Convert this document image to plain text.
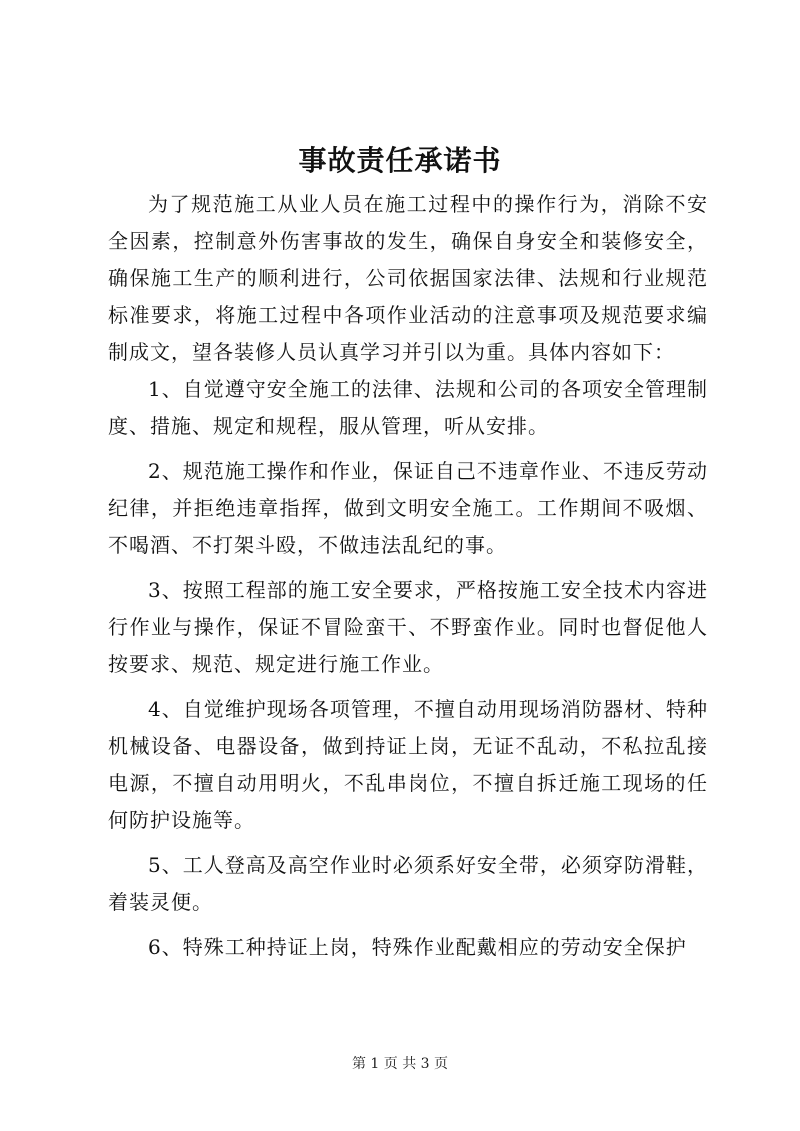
事故责任承诺书

为了规范施工从业人员在施工过程中的操作行为，消除不安全因素，控制意外伤害事故的发生，确保自身安全和装修安全，确保施工生产的顺利进行，公司依据国家法律、法规和行业规范标准要求，将施工过程中各项作业活动的注意事项及规范要求编制成文，望各装修人员认真学习并引以为重。具体内容如下：

1、自觉遵守安全施工的法律、法规和公司的各项安全管理制度、措施、规定和规程，服从管理，听从安排。

2、规范施工操作和作业，保证自己不违章作业、不违反劳动纪律，并拒绝违章指挥，做到文明安全施工。工作期间不吸烟、不喝酒、不打架斗殴，不做违法乱纪的事。

3、按照工程部的施工安全要求，严格按施工安全技术内容进行作业与操作，保证不冒险蛮干、不野蛮作业。同时也督促他人按要求、规范、规定进行施工作业。

4、自觉维护现场各项管理，不擅自动用现场消防器材、特种机械设备、电器设备，做到持证上岗，无证不乱动，不私拉乱接电源，不擅自动用明火，不乱串岗位，不擅自拆迁施工现场的任何防护设施等。

5、工人登高及高空作业时必须系好安全带，必须穿防滑鞋，着装灵便。

6、特殊工种持证上岗，特殊作业配戴相应的劳动安全保护

第 1 页 共 3 页
